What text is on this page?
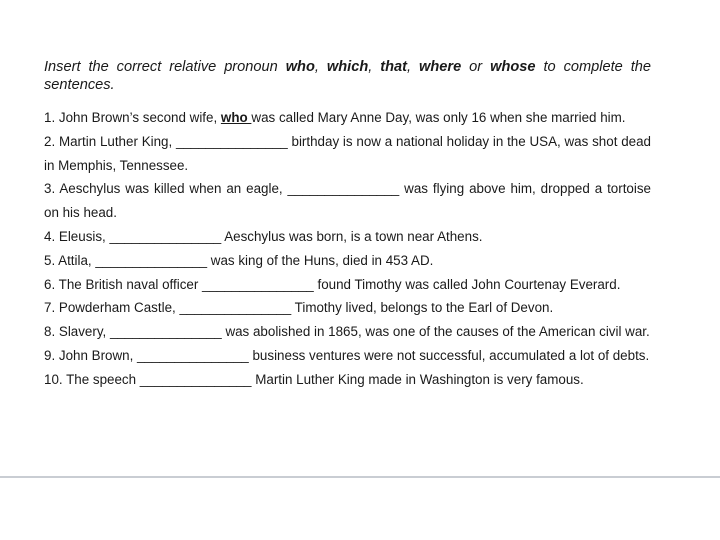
Insert the correct relative pronoun who, which, that, where or whose to complete the sentences.

1. John Brown’s second wife, who was called Mary Anne Day, was only 16 when she married him.
2. Martin Luther King, _______________ birthday is now a national holiday in the USA, was shot dead in Memphis, Tennessee.
3. Aeschylus was killed when an eagle, _______________ was flying above him, dropped a tortoise on his head.
4. Eleusis, _______________ Aeschylus was born, is a town near Athens.
5. Attila, _______________ was king of the Huns, died in 453 AD.
6. The British naval officer _______________ found Timothy was called John Courtenay Everard.
7. Powderham Castle, _______________ Timothy lived, belongs to the Earl of Devon.
8. Slavery, _______________ was abolished in 1865, was one of the causes of the American civil war.
9. John Brown, _______________ business ventures were not successful, accumulated a lot of debts.
10. The speech _______________ Martin Luther King made in Washington is very famous.
